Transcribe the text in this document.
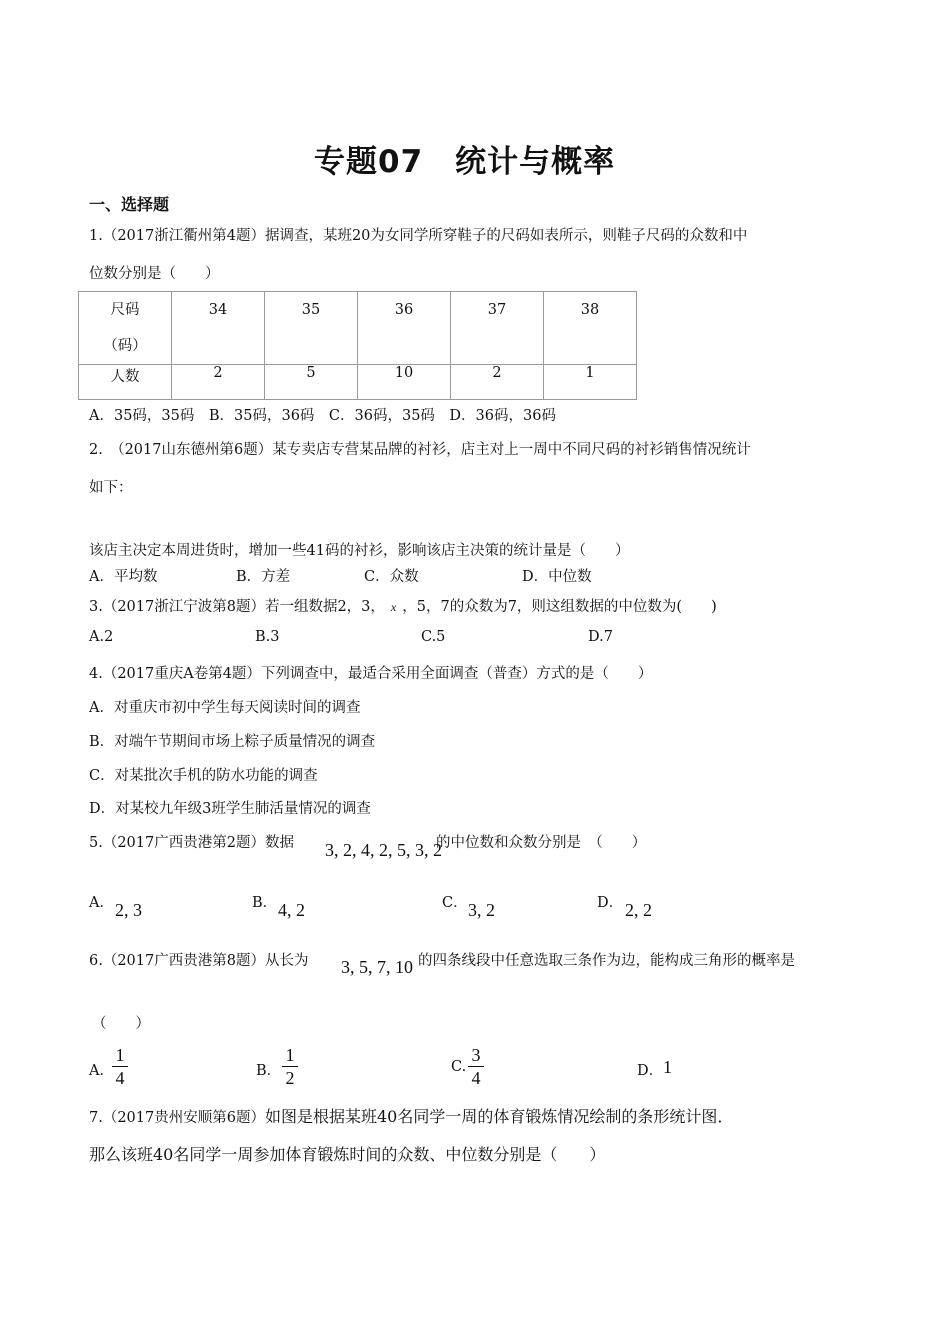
专题07　统计与概率
一、选择题
1.（2017浙江衢州第4题）据调查，某班20为女同学所穿鞋子的尺码如表所示，则鞋子尺码的众数和中
位数分别是（　　）
尺码
（码）	34	35	36	37	38

人数	2	5	10	2	1
A．35码，35码　B．35码，36码　C．36码，35码　D．36码，36码
2.　（2017山东德州第6题）某专卖店专营某品牌的衬衫，店主对上一周中不同尺码的衬衫销售情况统计
如下：
该店主决定本周进货时，增加一些41码的衬衫，影响该店主决策的统计量是（　　）
A．平均数	B．方差	C．众数	D．中位数
3.（2017浙江宁波第8题）若一组数据2，3， x ，5，7的众数为7，则这组数据的中位数为(　　)
A.2	B.3	C.5	D.7
4.（2017重庆A卷第4题）下列调查中，最适合采用全面调查（普查）方式的是（　　）
A．对重庆市初中学生每天阅读时间的调查
B．对端午节期间市场上粽子质量情况的调查
C．对某批次手机的防水功能的调查
D．对某校九年级3班学生肺活量情况的调查
5.（2017广西贵港第2题）数据 3, 2, 4, 2, 5, 3, 2
的中位数和众数分别是　（　　）
A． 2, 3	B． 4, 2	C． 3, 2	D． 2, 2
6.（2017广西贵港第8题）从长为 3, 5, 7, 10 的四条线段中任意选取三条作为边，能构成三角形的概率是
（　　）
A．
1
4	B．
1
2
C.
3
4	D． 1
7.（2017贵州安顺第6题）如图是根据某班40名同学一周的体育锻炼情况绘制的条形统计图．
那么该班40名同学一周参加体育锻炼时间的众数、中位数分别是（　　）
